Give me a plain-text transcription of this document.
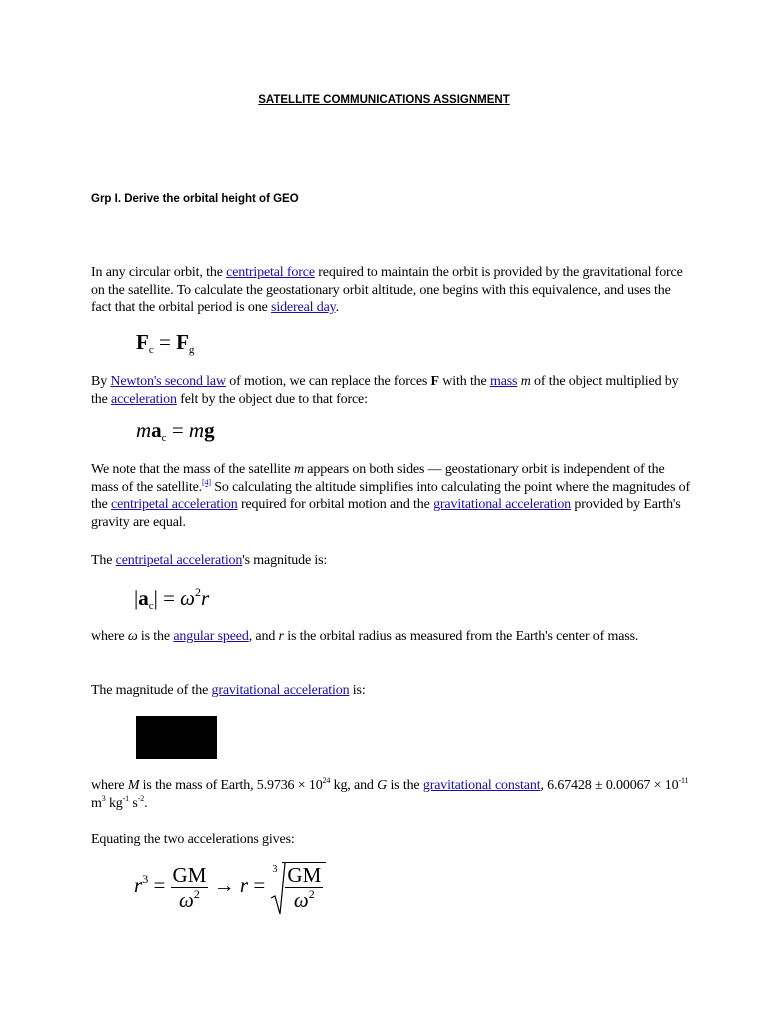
SATELLITE COMMUNICATIONS ASSIGNMENT
Grp I. Derive the orbital height of GEO

In any circular orbit, the centripetal force required to maintain the orbit is provided by the gravitational force on the satellite. To calculate the geostationary orbit altitude, one begins with this equivalence, and uses the fact that the orbital period is one sidereal day.

$F_c = F_g$

By Newton's second law of motion, we can replace the forces F with the mass m of the object multiplied by the acceleration felt by the object due to that force:

$ma_c$ = mg

We note that the mass of the satellite m appears on both sides — geostationary orbit is independent of the mass of the satellite.[4] So calculating the altitude simplifies into calculating the point where the magnitudes of the centripetal acceleration required for orbital motion and the gravitational acceleration provided by Earth's gravity are equal.

The centripetal acceleration's magnitude is:

$|a_c| = \omega^2r$

where ω is the angular speed, and r is the orbital radius as measured from the Earth's center of mass.

The magnitude of the gravitational acceleration is:

where M is the mass of Earth, $5.9736 \times 10^{24}$ kg, and G is the gravitational constant, $6.67428 \pm 0.00067 \times 10^{-11}$ $m^3$ $kg^{-1}$ $s^{-2}$.

Equating the two accelerations gives:

$r^3 = \frac{GM}{\omega^2} \to r$ =
$3 \frac{GM}{\omega^2}$
